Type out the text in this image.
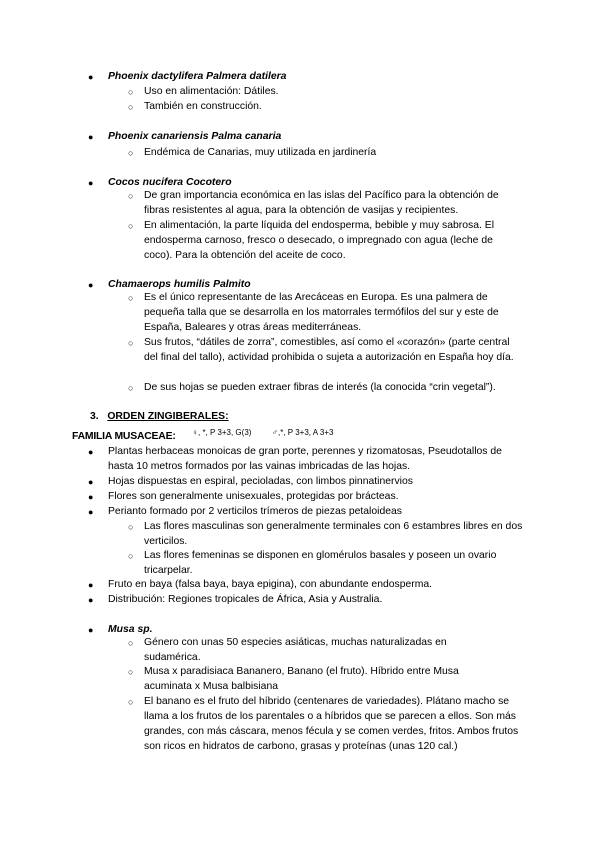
● Phoenix dactylifera Palmera datilera
○ Uso en alimentación: Dátiles.
○ También en construcción.
● Phoenix canariensis Palma canaria
○ Endémica de Canarias, muy utilizada en jardinería
● Cocos nucifera Cocotero
○ De gran importancia económica en las islas del Pacífico para la obtención de fibras resistentes al agua, para la obtención de vasijas y recipientes.
○ En alimentación, la parte líquida del endosperma, bebible y muy sabrosa. El endosperma carnoso, fresco o desecado, o impregnado con agua (leche de coco). Para la obtención del aceite de coco.
● Chamaerops humilis Palmito
○ Es el único representante de las Arecáceas en Europa. Es una palmera de pequeña talla que se desarrolla en los matorrales termófilos del sur y este de España, Baleares y otras áreas mediterráneas.
○ Sus frutos, “dátiles de zorra”, comestibles, así como el «corazón» (parte central del final del tallo), actividad prohibida o sujeta a autorización en España hoy día.
○ De sus hojas se pueden extraer fibras de interés (la conocida “crin vegetal”).
3. ORDEN ZINGIBERALES:
FAMILIA MUSACEAE: ♀, *, P 3+3, G(3)	♂,*, P 3+3, A 3+3
● Plantas herbaceas monoicas de gran porte, perennes y rizomatosas, Pseudotallos de hasta 10 metros formados por las vainas imbricadas de las hojas.
● Hojas dispuestas en espiral, pecioladas, con limbos pinnatinervios
● Flores son generalmente unisexuales, protegidas por brácteas.
● Perianto formado por 2 verticilos trímeros de piezas petaloideas
○ Las flores masculinas son generalmente terminales con 6 estambres libres en dos verticilos.
○ Las flores femeninas se disponen en glomérulos basales y poseen un ovario tricarpelar.
● Fruto en baya (falsa baya, baya epigina), con abundante endosperma.
● Distribución: Regiones tropicales de África, Asia y Australia.
● Musa sp.
○ Género con unas 50 especies asiáticas, muchas naturalizadas en sudamérica.
○ Musa x paradisiaca Bananero, Banano (el fruto). Híbrido entre Musa acuminata x Musa balbisiana
○ El banano es el fruto del híbrido (centenares de variedades). Plátano macho se llama a los frutos de los parentales o a híbridos que se parecen a ellos. Son más grandes, con más cáscara, menos fécula y se comen verdes, fritos. Ambos frutos son ricos en hidratos de carbono, grasas y proteínas (unas 120 cal.)
